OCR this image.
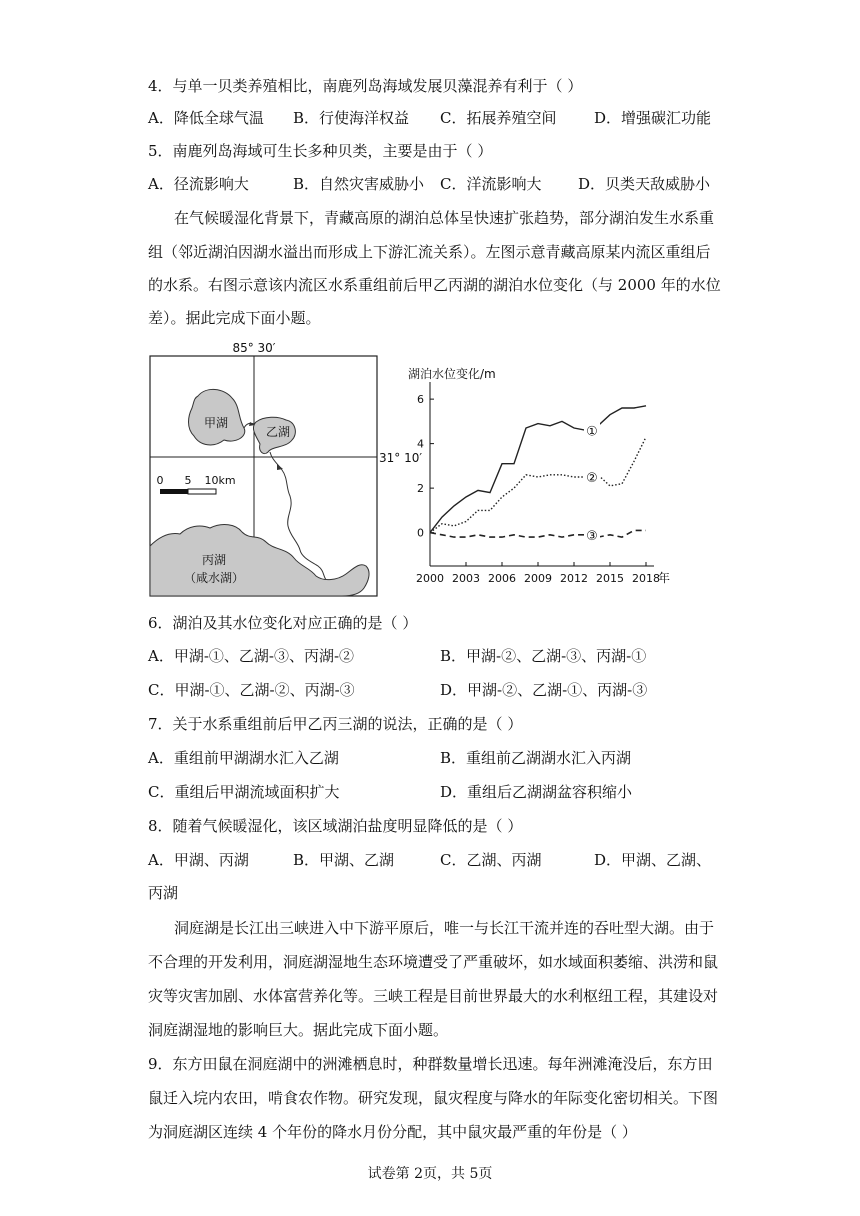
4．与单一贝类养殖相比，南鹿列岛海域发展贝藻混养有利于（ ）
A．降低全球气温 B．行使海洋权益 C．拓展养殖空间	D．增强碳汇功能
5．南鹿列岛海域可生长多种贝类，主要是由于（ ）
A．径流影响大	B．自然灾害威胁小 C．洋流影响大 D．贝类天敌威胁小
在气候暖湿化背景下，青藏高原的湖泊总体呈快速扩张趋势，部分湖泊发生水系重
组（邻近湖泊因湖水溢出而形成上下游汇流关系）。左图示意青藏高原某内流区重组后
的水系。右图示意该内流区水系重组前后甲乙丙湖的湖泊水位变化（与 2000 年的水位
差）。据此完成下面小题。
85° 30′
甲湖
乙湖
丙湖
（咸水湖）
0 5 10km
31° 10′
湖泊水位变化/m
年
0
2
4
6
2000 2003 2006 2009 2012 2015 2018
①
②
③
6．湖泊及其水位变化对应正确的是（ ）
A．甲湖-①、乙湖-③、丙湖-②	B．甲湖-②、乙湖-③、丙湖-①
C．甲湖-①、乙湖-②、丙湖-③	D．甲湖-②、乙湖-①、丙湖-③
7．关于水系重组前后甲乙丙三湖的说法，正确的是（ ）
A．重组前甲湖湖水汇入乙湖	B．重组前乙湖湖水汇入丙湖
C．重组后甲湖流域面积扩大	D．重组后乙湖湖盆容积缩小
8．随着气候暖湿化，该区域湖泊盐度明显降低的是（ ）
A．甲湖、丙湖	B．甲湖、乙湖	C．乙湖、丙湖	D．甲湖、乙湖、
丙湖
洞庭湖是长江出三峡进入中下游平原后，唯一与长江干流并连的吞吐型大湖。由于
不合理的开发利用，洞庭湖湿地生态环境遭受了严重破坏，如水域面积萎缩、洪涝和鼠
灾等灾害加剧、水体富营养化等。三峡工程是目前世界最大的水利枢纽工程，其建设对
洞庭湖湿地的影响巨大。据此完成下面小题。
9．东方田鼠在洞庭湖中的洲滩栖息时，种群数量增长迅速。每年洲滩淹没后，东方田
鼠迁入垸内农田，啃食农作物。研究发现，鼠灾程度与降水的年际变化密切相关。下图
为洞庭湖区连续 4 个年份的降水月份分配，其中鼠灾最严重的年份是（ ）
试卷第 2页，共 5页
